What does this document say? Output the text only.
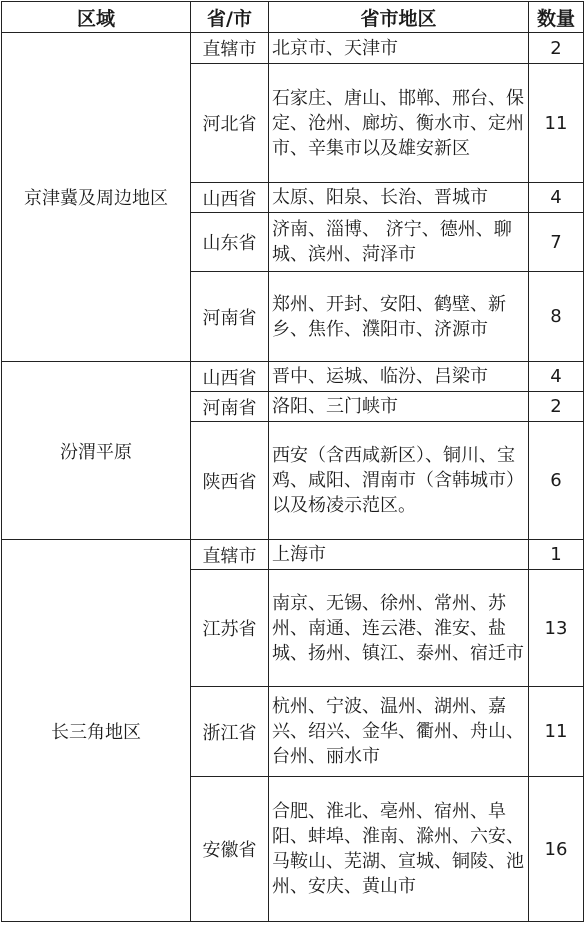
区域	省/市	省市地区	数量
京津冀及周边地区	直辖市	北京市、天津市	2
	河北省	石家庄、唐山、邯郸、邢台、保定、沧州、廊坊、衡水市、定州市、辛集市以及雄安新区	11
	山西省	太原、阳泉、长治、晋城市	4
	山东省	济南、淄博、 济宁、德州、聊城、滨州、菏泽市	7
	河南省	郑州、开封、安阳、鹤壁、新乡、焦作、濮阳市、济源市	8
汾渭平原	山西省	晋中、运城、临汾、吕梁市	4
	河南省	洛阳、三门峡市	2
	陕西省	西安（含西咸新区）、铜川、宝鸡、咸阳、渭南市（含韩城市）以及杨凌示范区。	6
长三角地区	直辖市	上海市	1
	江苏省	南京、无锡、徐州、常州、苏州、南通、连云港、淮安、盐城、扬州、镇江、泰州、宿迁市	13
	浙江省	杭州、宁波、温州、湖州、嘉兴、绍兴、金华、衢州、舟山、台州、丽水市	11
	安徽省	合肥、淮北、亳州、宿州、阜阳、蚌埠、淮南、滁州、六安、马鞍山、芜湖、宣城、铜陵、池州、安庆、黄山市	16
